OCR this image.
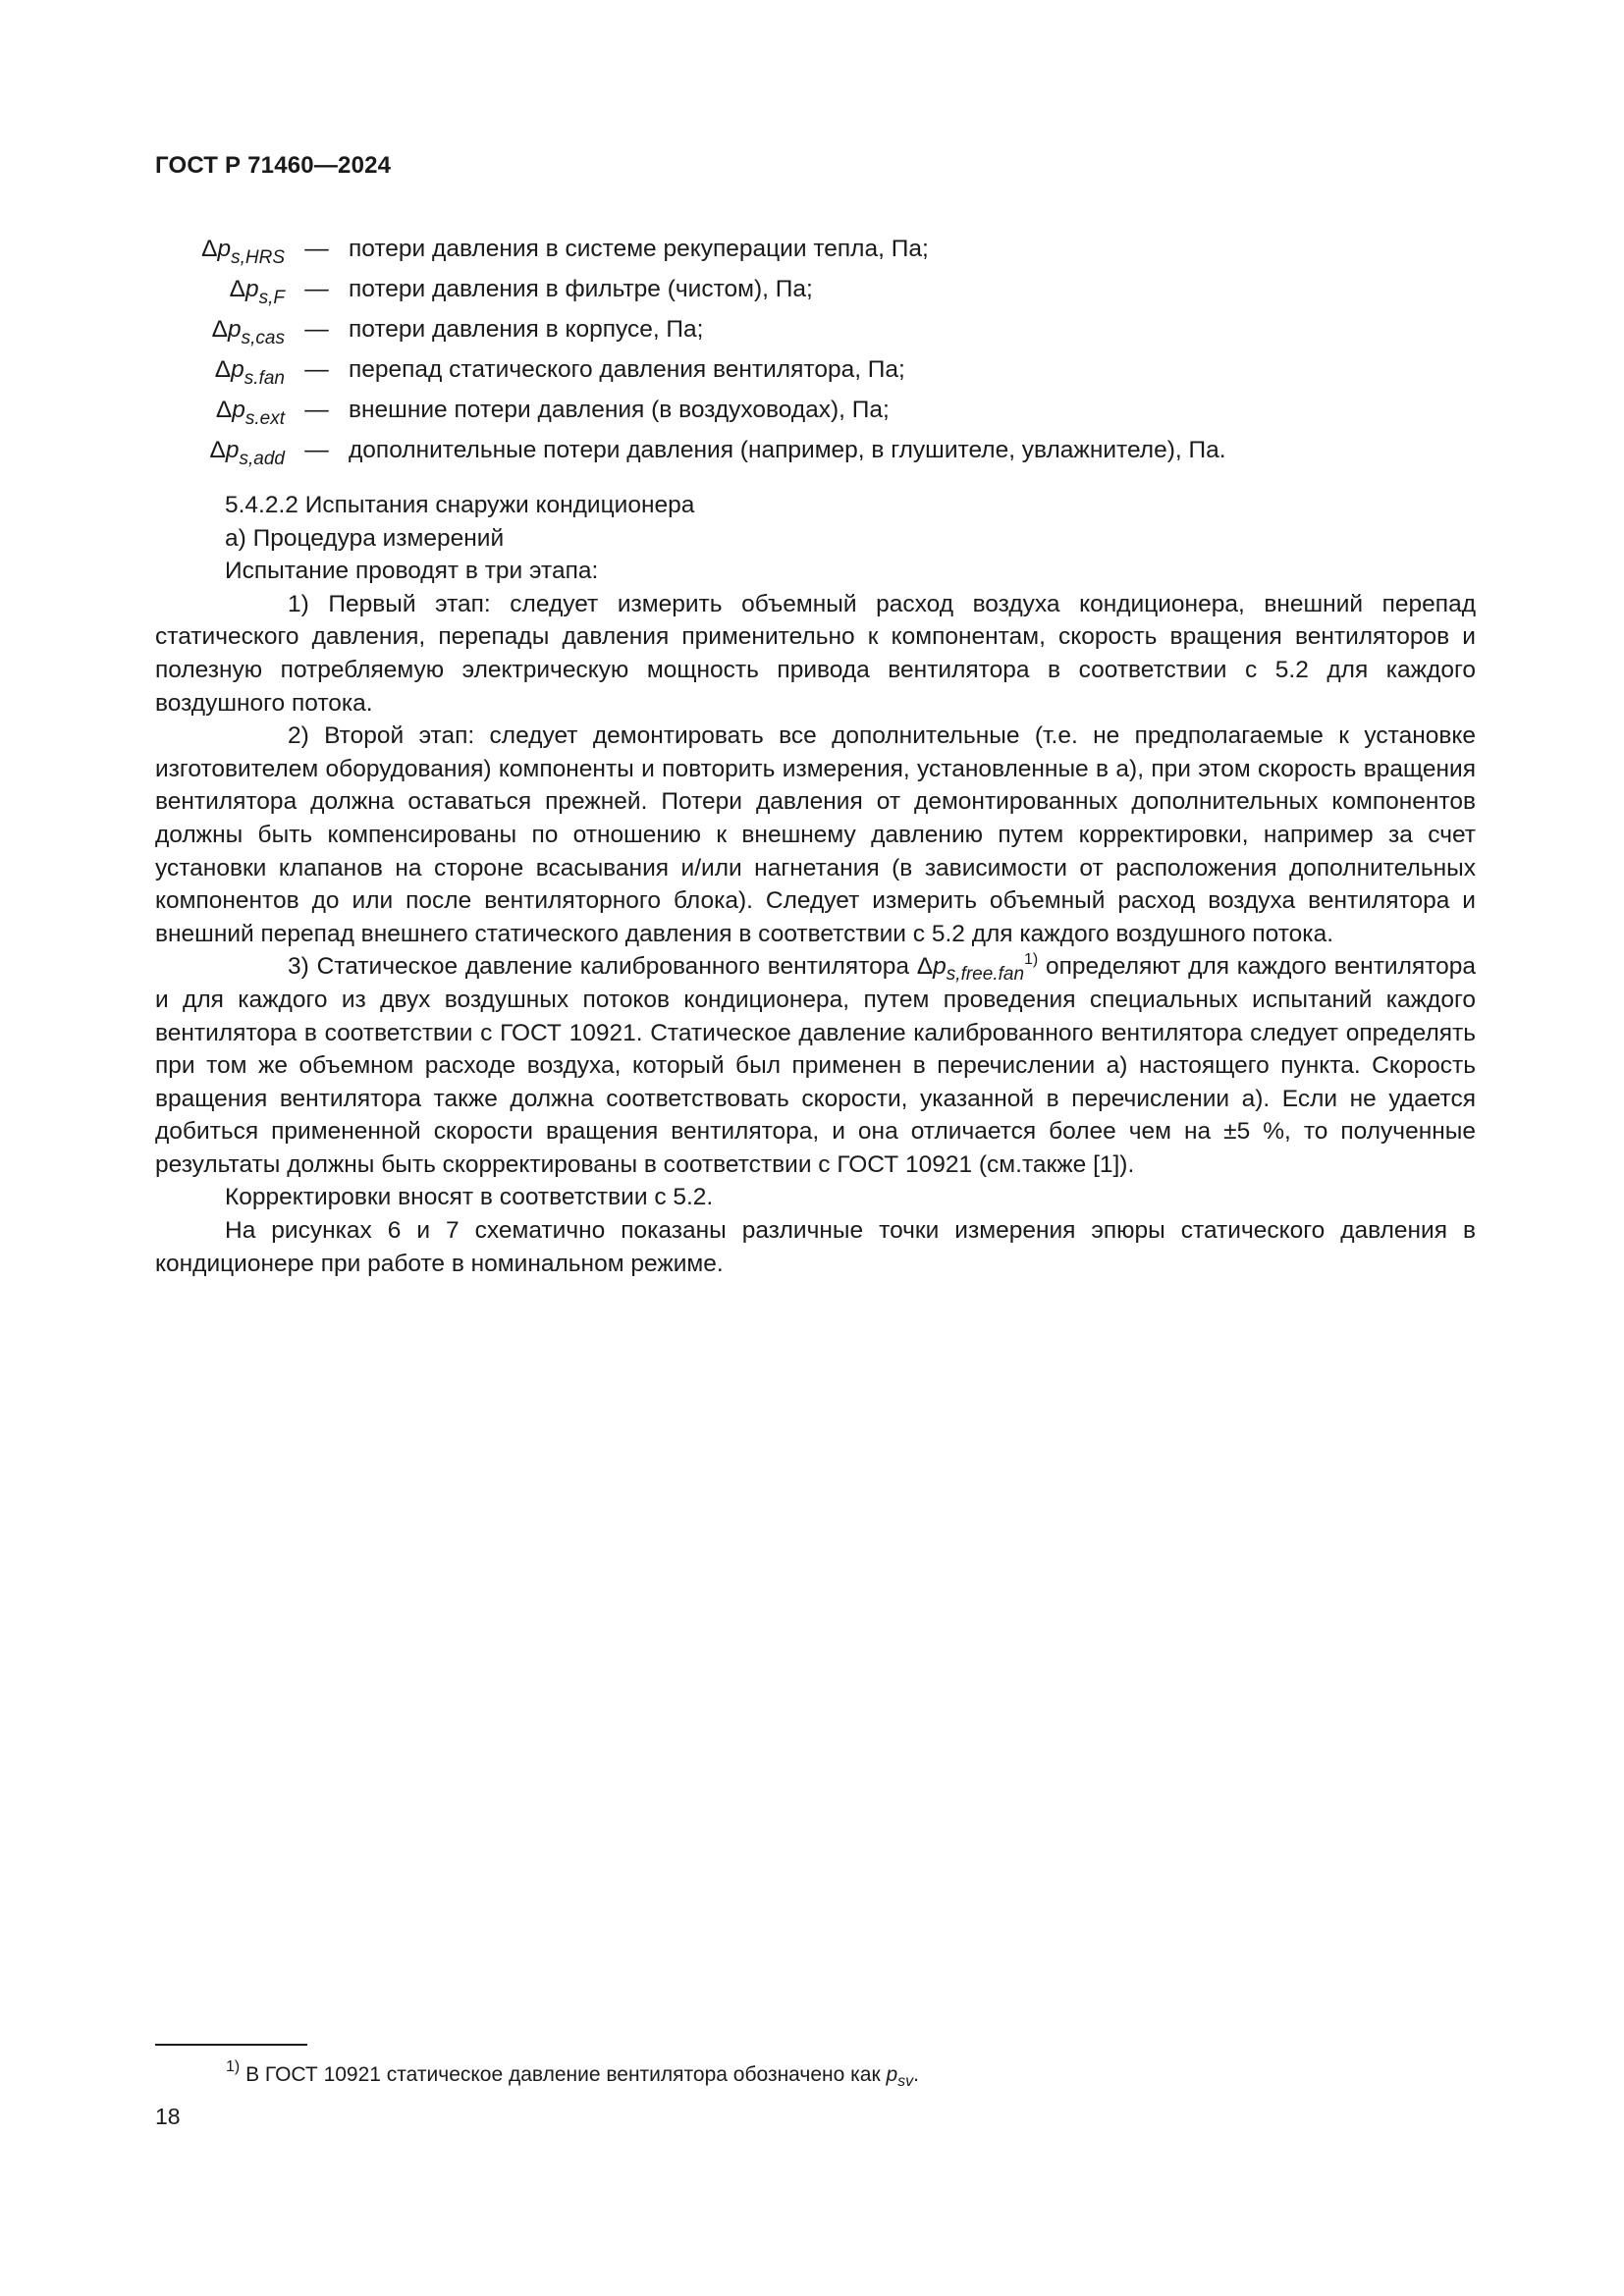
ГОСТ Р 71460—2024
$\Delta p_{s,HRS}$ — потери давления в системе рекуперации тепла, Па;
$\Delta p_{s,F}$ — потери давления в фильтре (чистом), Па;
$\Delta p_{s,cas}$ — потери давления в корпусе, Па;
$\Delta p_{s.fan}$ — перепад статического давления вентилятора, Па;
$\Delta p_{s.ext}$ — внешние потери давления (в воздуховодах), Па;
$\Delta p_{s,add}$ — дополнительные потери давления (например, в глушителе, увлажнителе), Па.

5.4.2.2 Испытания снаружи кондиционера

а) Процедура измерений

Испытание проводят в три этапа:

1) Первый этап: следует измерить объемный расход воздуха кондиционера, внешний перепад статического давления, перепады давления применительно к компонентам, скорость вращения вентиляторов и полезную потребляемую электрическую мощность привода вентилятора в соответствии с 5.2 для каждого воздушного потока.

2) Второй этап: следует демонтировать все дополнительные (т.е. не предполагаемые к установке изготовителем оборудования) компоненты и повторить измерения, установленные в а), при этом скорость вращения вентилятора должна оставаться прежней. Потери давления от демонтированных дополнительных компонентов должны быть компенсированы по отношению к внешнему давлению путем корректировки, например за счет установки клапанов на стороне всасывания и/или нагнетания (в зависимости от расположения дополнительных компонентов до или после вентиляторного блока). Следует измерить объемный расход воздуха вентилятора и внешний перепад внешнего статического давления в соответствии с 5.2 для каждого воздушного потока.

3) Статическое давление калиброванного вентилятора $\Delta p_{s,free.fan}^{1)}$ определяют для каждого вентилятора и для каждого из двух воздушных потоков кондиционера, путем проведения специальных испытаний каждого вентилятора в соответствии с ГОСТ 10921. Статическое давление калиброванного вентилятора следует определять при том же объемном расходе воздуха, который был применен в перечислении а) настоящего пункта. Скорость вращения вентилятора также должна соответствовать скорости, указанной в перечислении а). Если не удается добиться примененной скорости вращения вентилятора, и она отличается более чем на ±5 %, то полученные результаты должны быть скорректированы в соответствии с ГОСТ 10921 (см.также [1]).

Корректировки вносят в соответствии с 5.2.

На рисунках 6 и 7 схематично показаны различные точки измерения эпюры статического давления в кондиционере при работе в номинальном режиме.

$^{1)}$ В ГОСТ 10921 статическое давление вентилятора обозначено как $p_{sv}$.
18
